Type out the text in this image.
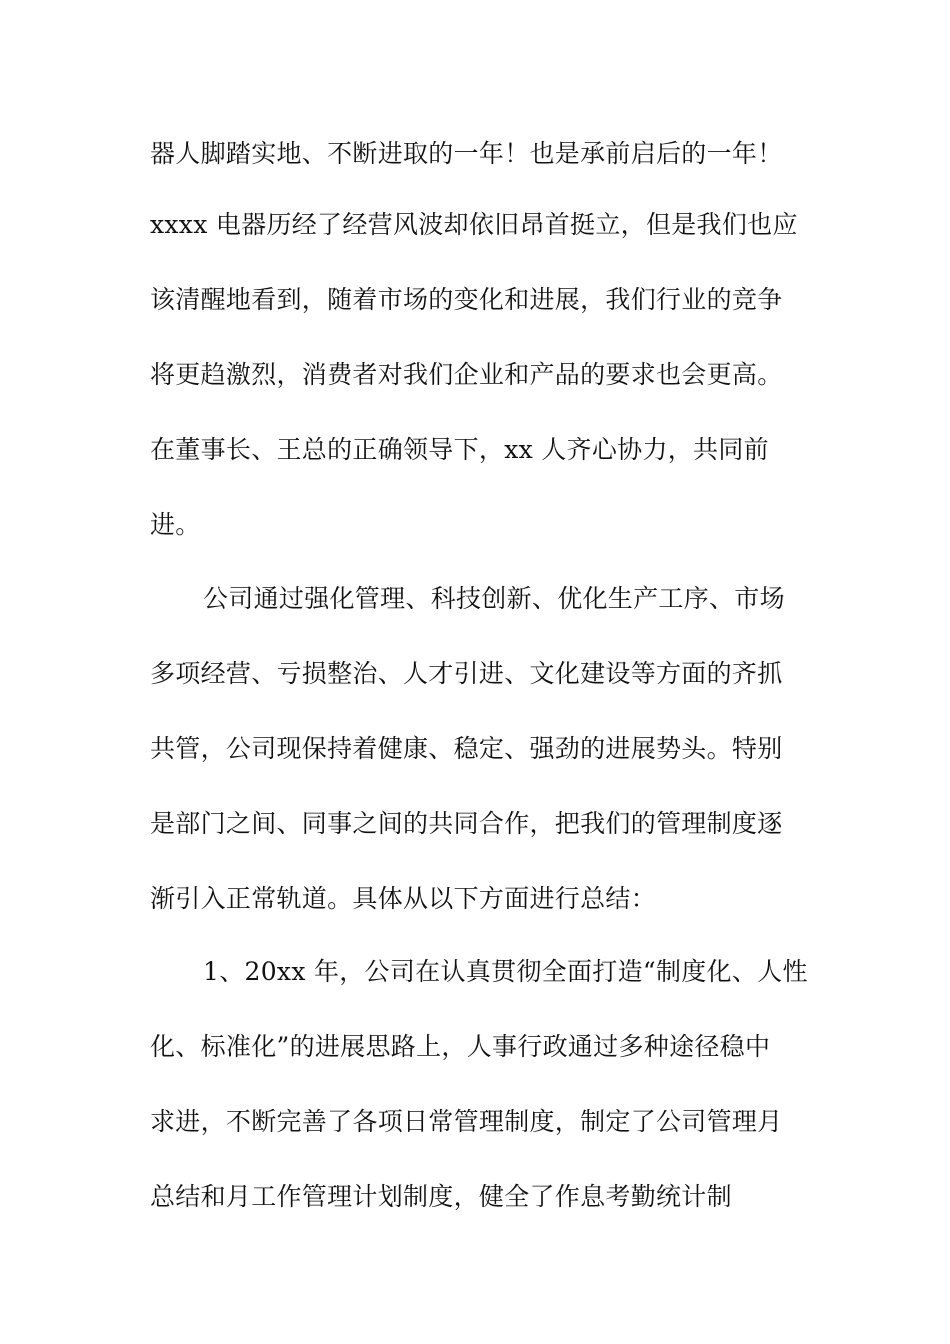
器人脚踏实地、不断进取的一年！也是承前启后的一年！
xxxx 电器历经了经营风波却依旧昂首挺立，但是我们也应
该清醒地看到，随着市场的变化和进展，我们行业的竞争
将更趋激烈，消费者对我们企业和产品的要求也会更高。
在董事长、王总的正确领导下，xx 人齐心协力，共同前
进。
公司通过强化管理、科技创新、优化生产工序、市场
多项经营、亏损整治、人才引进、文化建设等方面的齐抓
共管，公司现保持着健康、稳定、强劲的进展势头。特别
是部门之间、同事之间的共同合作，把我们的管理制度逐
渐引入正常轨道。具体从以下方面进行总结：
1、20xx 年，公司在认真贯彻全面打造“制度化、人性
化、标准化”的进展思路上，人事行政通过多种途径稳中
求进，不断完善了各项日常管理制度，制定了公司管理月
总结和月工作管理计划制度，健全了作息考勤统计制
